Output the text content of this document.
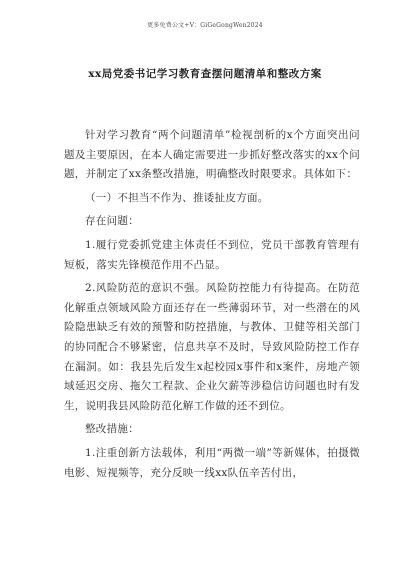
更多免费公文+V：GiGeGongWen2024
xx局党委书记学习教育查摆问题清单和整改方案

针对学习教育“两个问题清单”检视剖析的x个方面突出问题及主要原因，在本人确定需要进一步抓好整改落实的xx个问题，并制定了xx条整改措施，明确整改时限要求。具体如下：

（一）不担当不作为、推诿扯皮方面。

存在问题：

1.履行党委抓党建主体责任不到位，党员干部教育管理有短板，落实先锋模范作用不凸显。

2.风险防范的意识不强。风险防控能力有待提高。在防范化解重点领域风险方面还存在一些薄弱环节，对一些潜在的风险隐患缺乏有效的预警和防控措施，与教体、卫健等相关部门的协同配合不够紧密，信息共享不及时，导致风险防控工作存在漏洞。如：我县先后发生x起校园x事件和x案件，房地产领域延迟交房、拖欠工程款、企业欠薪等涉稳信访问题也时有发生，说明我县风险防范化解工作做的还不到位。

整改措施：

1.注重创新方法载体，利用“两微一端”等新媒体，拍摄微电影、短视频等，充分反映一线xx队伍辛苦付出，
